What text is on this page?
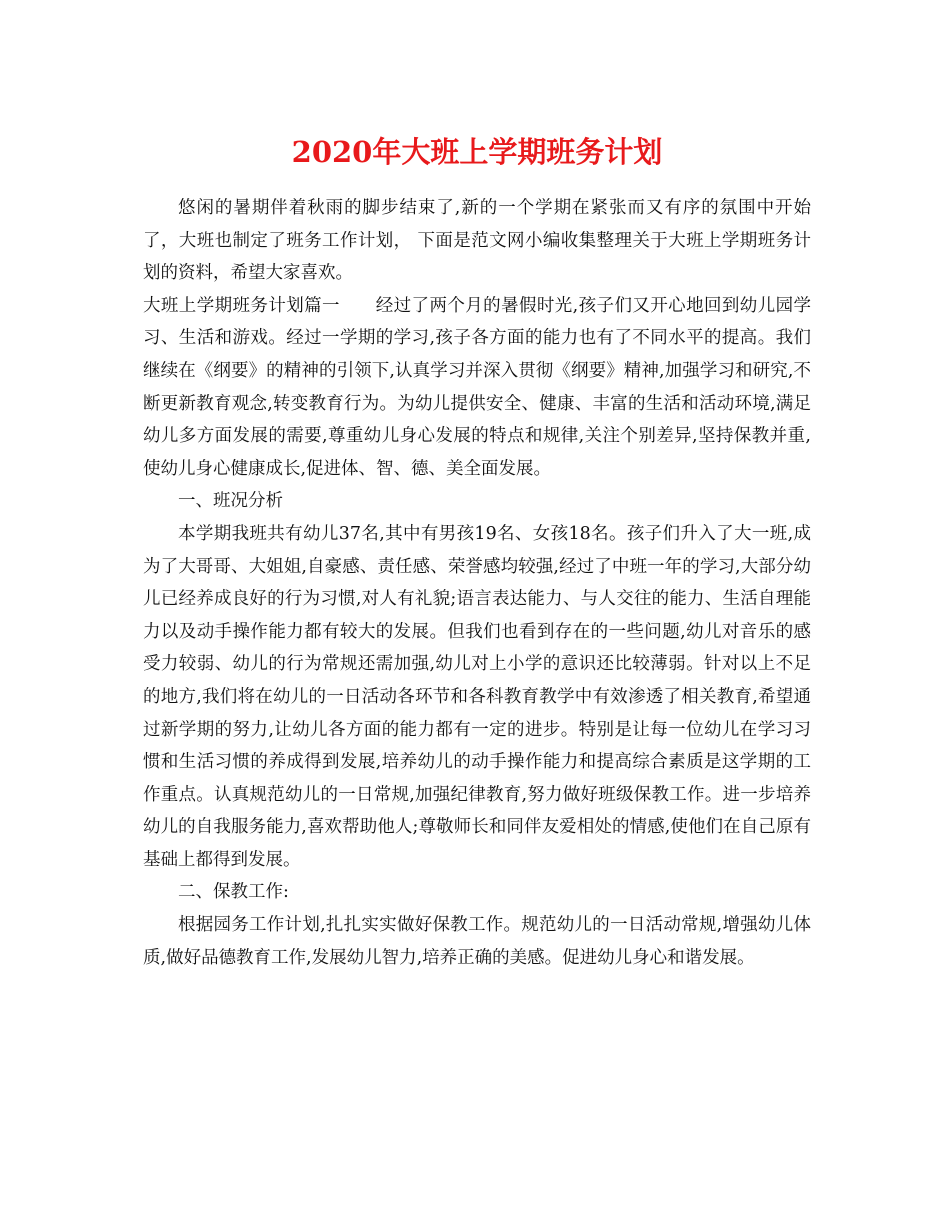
2020年大班上学期班务计划

悠闲的暑期伴着秋雨的脚步结束了,新的一个学期在紧张而又有序的氛围中开始了，大班也制定了班务工作计划， 下面是范文网小编收集整理关于大班上学期班务计划的资料，希望大家喜欢。

大班上学期班务计划篇一　　经过了两个月的暑假时光,孩子们又开心地回到幼儿园学习、生活和游戏。经过一学期的学习,孩子各方面的能力也有了不同水平的提高。我们继续在《纲要》的精神的引领下,认真学习并深入贯彻《纲要》精神,加强学习和研究,不断更新教育观念,转变教育行为。为幼儿提供安全、健康、丰富的生活和活动环境,满足幼儿多方面发展的需要,尊重幼儿身心发展的特点和规律,关注个别差异,坚持保教并重,使幼儿身心健康成长,促进体、智、德、美全面发展。

一、班况分析

本学期我班共有幼儿37名,其中有男孩19名、女孩18名。孩子们升入了大一班,成为了大哥哥、大姐姐,自豪感、责任感、荣誉感均较强,经过了中班一年的学习,大部分幼儿已经养成良好的行为习惯,对人有礼貌;语言表达能力、与人交往的能力、生活自理能力以及动手操作能力都有较大的发展。但我们也看到存在的一些问题,幼儿对音乐的感受力较弱、幼儿的行为常规还需加强,幼儿对上小学的意识还比较薄弱。针对以上不足的地方,我们将在幼儿的一日活动各环节和各科教育教学中有效渗透了相关教育,希望通过新学期的努力,让幼儿各方面的能力都有一定的进步。特别是让每一位幼儿在学习习惯和生活习惯的养成得到发展,培养幼儿的动手操作能力和提高综合素质是这学期的工作重点。认真规范幼儿的一日常规,加强纪律教育,努力做好班级保教工作。进一步培养幼儿的自我服务能力,喜欢帮助他人;尊敬师长和同伴友爱相处的情感,使他们在自己原有基础上都得到发展。

二、保教工作:

根据园务工作计划,扎扎实实做好保教工作。规范幼儿的一日活动常规,增强幼儿体质,做好品德教育工作,发展幼儿智力,培养正确的美感。促进幼儿身心和谐发展。
